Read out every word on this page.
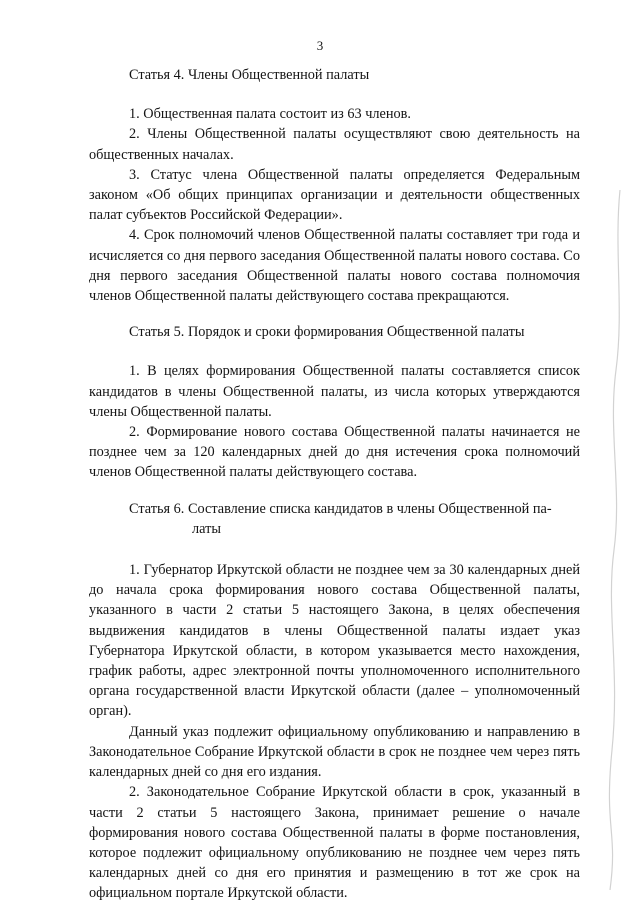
3
Статья 4. Члены Общественной палаты

1. Общественная палата состоит из 63 членов.

2. Члены Общественной палаты осуществляют свою деятельность на общественных началах.

3. Статус члена Общественной палаты определяется Федеральным законом «Об общих принципах организации и деятельности общественных палат субъектов Российской Федерации».

4. Срок полномочий членов Общественной палаты составляет три года и исчисляется со дня первого заседания Общественной палаты нового состава. Со дня первого заседания Общественной палаты нового состава полномочия членов Общественной палаты действующего состава прекращаются.

Статья 5. Порядок и сроки формирования Общественной палаты

1. В целях формирования Общественной палаты составляется список кандидатов в члены Общественной палаты, из числа которых утверждаются члены Общественной палаты.

2. Формирование нового состава Общественной палаты начинается не позднее чем за 120 календарных дней до дня истечения срока полномочий членов Общественной палаты действующего состава.

Статья 6. Составление списка кандидатов в члены Общественной па-
латы

1. Губернатор Иркутской области не позднее чем за 30 календарных дней до начала срока формирования нового состава Общественной палаты, указанного в части 2 статьи 5 настоящего Закона, в целях обеспечения выдвижения кандидатов в члены Общественной палаты издает указ Губернатора Иркутской области, в котором указывается место нахождения, график работы, адрес электронной почты уполномоченного исполнительного органа государственной власти Иркутской области (далее – уполномоченный орган).

Данный указ подлежит официальному опубликованию и направлению в Законодательное Собрание Иркутской области в срок не позднее чем через пять календарных дней со дня его издания.

2. Законодательное Собрание Иркутской области в срок, указанный в части 2 статьи 5 настоящего Закона, принимает решение о начале формирования нового состава Общественной палаты в форме постановления, которое подлежит официальному опубликованию не позднее чем через пять календарных дней со дня его принятия и размещению в тот же срок на официальном портале Иркутской области.
